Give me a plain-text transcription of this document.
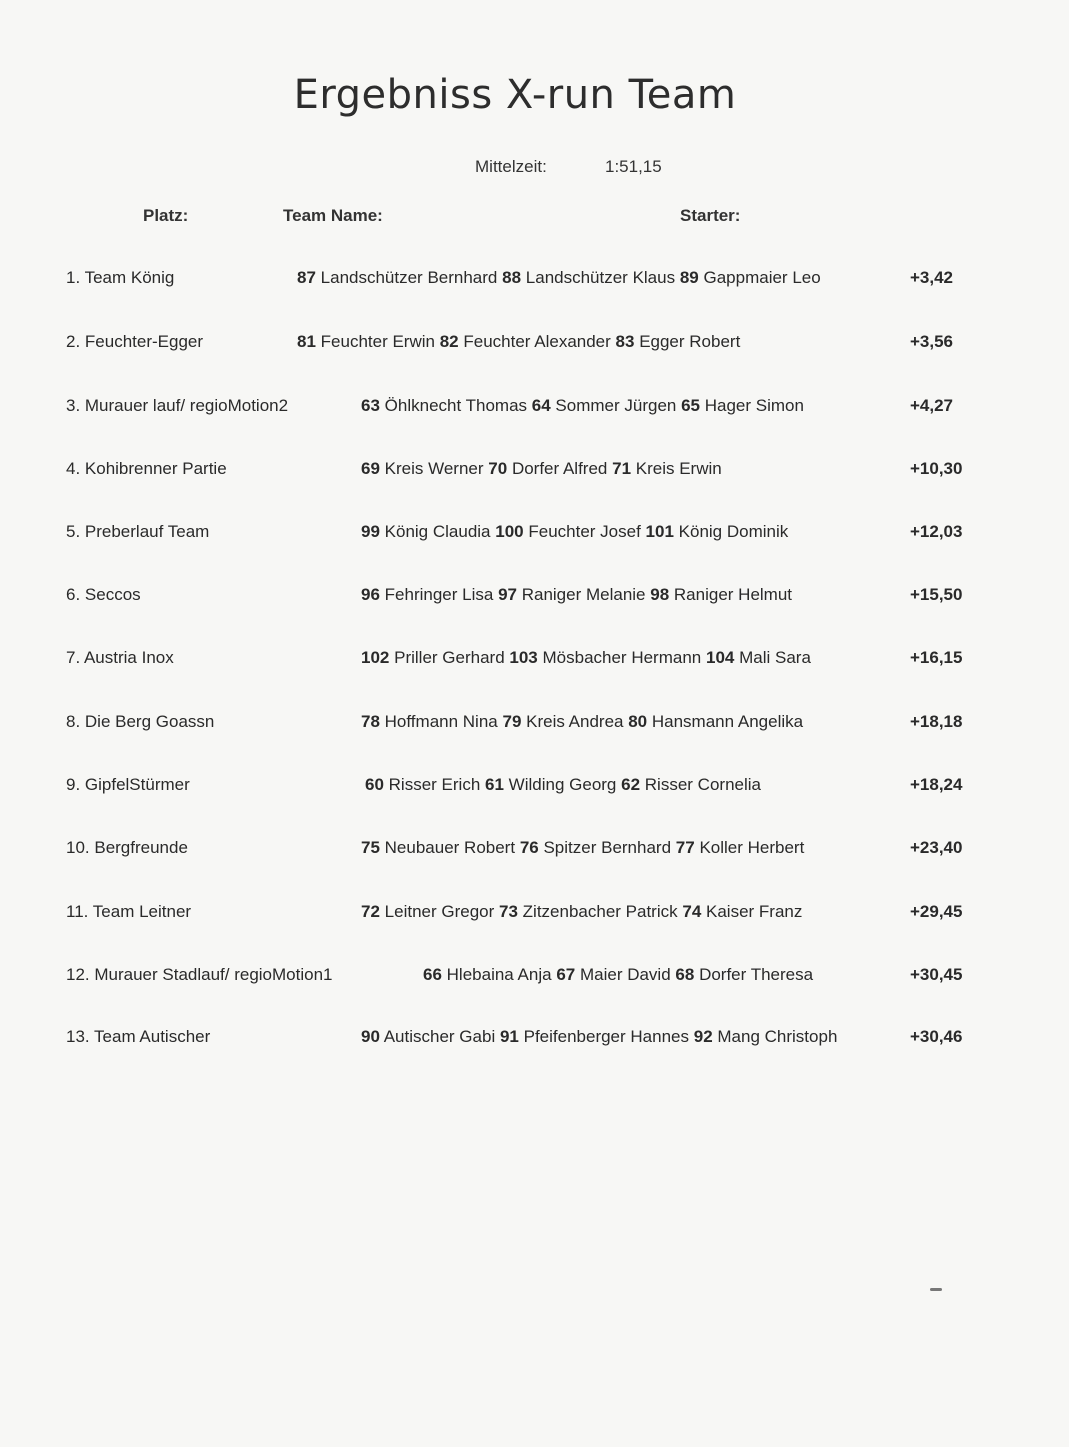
Ergebniss X-run Team
Mittelzeit:	1:51,15
Platz:	Team Name:	Starter:
1. Team König	87 Landschützer Bernhard 88 Landschützer Klaus 89 Gappmaier Leo	+3,42
2. Feuchter-Egger	81 Feuchter Erwin 82 Feuchter Alexander 83 Egger Robert	+3,56
3. Murauer lauf/ regioMotion2	63 Öhlknecht Thomas 64 Sommer Jürgen 65 Hager Simon	+4,27
4. Kohibrenner Partie	69 Kreis Werner 70 Dorfer Alfred 71 Kreis Erwin	+10,30
5. Preberlauf Team	99 König Claudia 100 Feuchter Josef 101 König Dominik	+12,03
6. Seccos	96 Fehringer Lisa 97 Raniger Melanie 98 Raniger Helmut	+15,50
7. Austria Inox	102 Priller Gerhard 103 Mösbacher Hermann 104 Mali Sara	+16,15
8. Die Berg Goassn	78 Hoffmann Nina 79 Kreis Andrea 80 Hansmann Angelika	+18,18
9. GipfelStürmer	60 Risser Erich 61 Wilding Georg 62 Risser Cornelia	+18,24
10. Bergfreunde	75 Neubauer Robert 76 Spitzer Bernhard 77 Koller Herbert	+23,40
11. Team Leitner	72 Leitner Gregor 73 Zitzenbacher Patrick 74 Kaiser Franz	+29,45
12. Murauer Stadlauf/ regioMotion1	66 Hlebaina Anja 67 Maier David 68 Dorfer Theresa	+30,45
13. Team Autischer	90 Autischer Gabi 91 Pfeifenberger Hannes 92 Mang Christoph	+30,46
